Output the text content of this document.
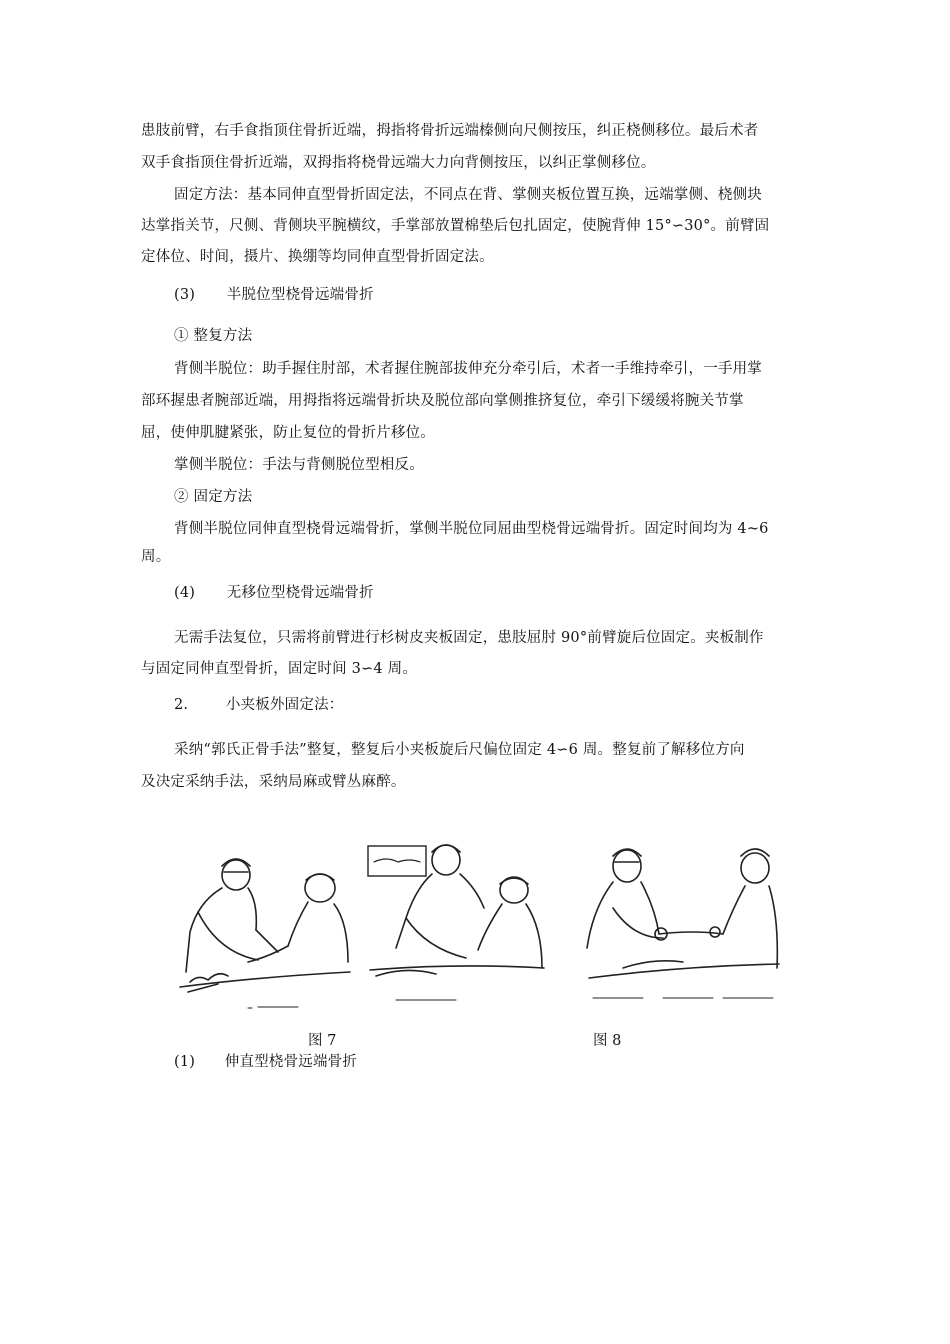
患肢前臂，右手食指顶住骨折近端，拇指将骨折远端榛侧向尺侧按压，纠正桡侧移位。最后术者
双手食指顶住骨折近端，双拇指将桡骨远端大力向背侧按压，以纠正掌侧移位。
固定方法：基本同伸直型骨折固定法，不同点在背、掌侧夹板位置互换，远端掌侧、桡侧块
达掌指关节，尺侧、背侧块平腕横纹，手掌部放置棉垫后包扎固定，使腕背伸 15°∽30°。前臂固
定体位、时间，摄片、换绷等均同伸直型骨折固定法。
(3) 半脱位型桡骨远端骨折
① 整复方法
背侧半脱位：助手握住肘部，术者握住腕部拔伸充分牵引后，术者一手维持牵引，一手用掌
部环握患者腕部近端，用拇指将远端骨折块及脱位部向掌侧推挤复位，牵引下缓缓将腕关节掌
屈，使伸肌腱紧张，防止复位的骨折片移位。
掌侧半脱位：手法与背侧脱位型相反。
② 固定方法
背侧半脱位同伸直型桡骨远端骨折，掌侧半脱位同屈曲型桡骨远端骨折。固定时间均为 4~6
周。
(4) 无移位型桡骨远端骨折
无需手法复位，只需将前臂进行杉树皮夹板固定，患肢屈肘 90°前臂旋后位固定。夹板制作
与固定同伸直型骨折，固定时间 3∽4 周。
2.	小夹板外固定法：
采纳“郭氏正骨手法”整复，整复后小夹板旋后尺偏位固定 4∽6 周。整复前了解移位方向
及决定采纳手法，采纳局麻或臂丛麻醉。
图 7	图 8
(1) 伸直型桡骨远端骨折
